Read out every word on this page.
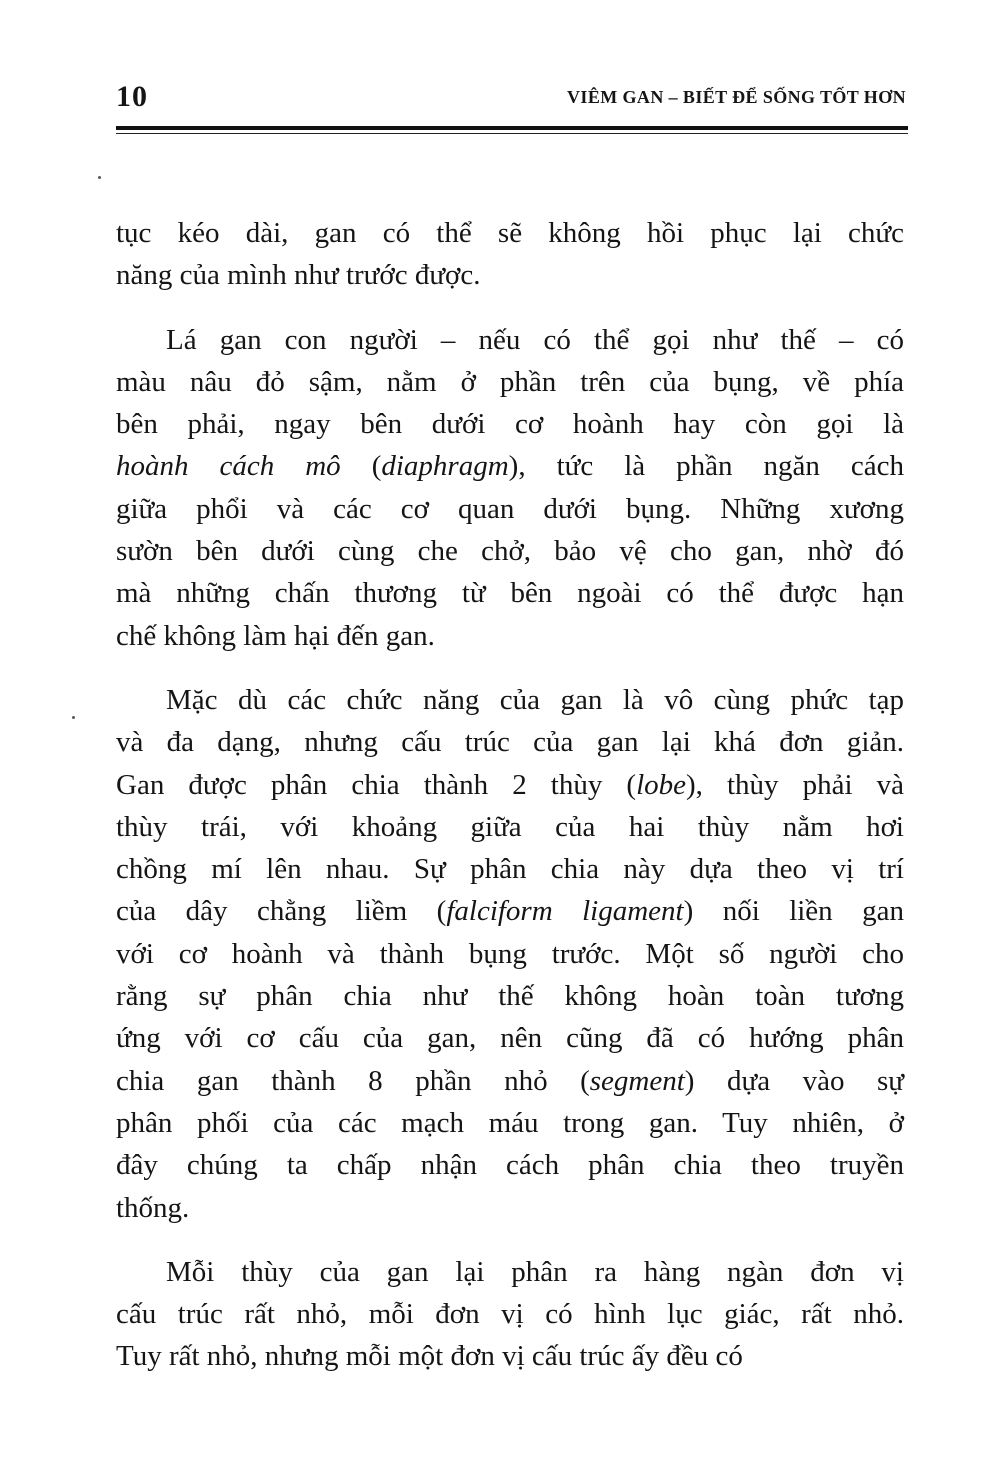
10	VIÊM GAN – BIẾT ĐỂ SỐNG TỐT HƠN
tục kéo dài, gan có thể sẽ không hồi phục lại chức
năng của mình như trước được.
Lá gan con người – nếu có thể gọi như thế – có
màu nâu đỏ sậm, nằm ở phần trên của bụng, về phía
bên phải, ngay bên dưới cơ hoành hay còn gọi là
hoành cách mô (diaphragm), tức là phần ngăn cách
giữa phổi và các cơ quan dưới bụng. Những xương
sườn bên dưới cùng che chở, bảo vệ cho gan, nhờ đó
mà những chấn thương từ bên ngoài có thể được hạn
chế không làm hại đến gan.
Mặc dù các chức năng của gan là vô cùng phức tạp
và đa dạng, nhưng cấu trúc của gan lại khá đơn giản.
Gan được phân chia thành 2 thùy (lobe), thùy phải và
thùy trái, với khoảng giữa của hai thùy nằm hơi
chồng mí lên nhau. Sự phân chia này dựa theo vị trí
của dây chằng liềm (falciform ligament) nối liền gan
với cơ hoành và thành bụng trước. Một số người cho
rằng sự phân chia như thế không hoàn toàn tương
ứng với cơ cấu của gan, nên cũng đã có hướng phân
chia gan thành 8 phần nhỏ (segment) dựa vào sự
phân phối của các mạch máu trong gan. Tuy nhiên, ở
đây chúng ta chấp nhận cách phân chia theo truyền
thống.
Mỗi thùy của gan lại phân ra hàng ngàn đơn vị
cấu trúc rất nhỏ, mỗi đơn vị có hình lục giác, rất nhỏ.
Tuy rất nhỏ, nhưng mỗi một đơn vị cấu trúc ấy đều có
